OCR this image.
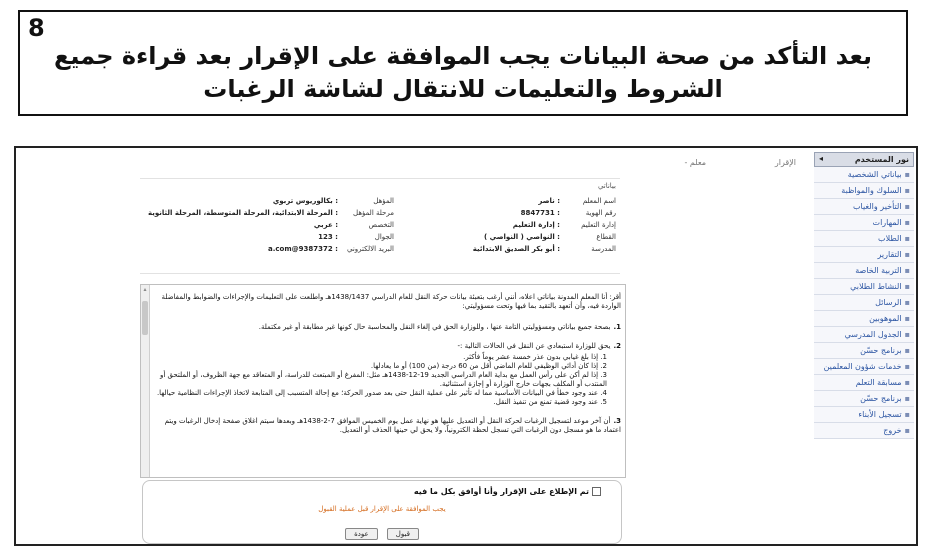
8
بعد التأكد من صحة البيانات يجب الموافقة على الإقرار بعد قراءة جميع
الشروط والتعليمات للانتقال لشاشة الرغبات
الإقرار
معلم -	نور المستخدم
◂
▪بياناتي الشخصية
▪السلوك والمواظبة
▪التأخير والغياب
▪المهارات
▪الطلاب
▪التقارير
▪التربية الخاصة
▪النشاط الطلابي
▪الرسائل
▪الموهوبين
▪الجدول المدرسي
▪برنامج حسّن
▪خدمات شؤون المعلمين
▪مسابقة التعلم
▪برنامج حسّن
▪تسجيل الأبناء
▪خروج
بياناتي
اسم المعلم: ناصر
رقم الهوية: 8847731
إدارة التعليم: إدارة التعليم
القطاع: النواصي ( النواصي )
المدرسة: أبو بكر الصديق الابتدائية
المؤهل: بكالوريوس تربوي
مرحلة المؤهل: المرحلة الابتدائية، المرحلة المتوسطة، المرحلة الثانوية
التخصص: عربي
الجوال: 123
البريد الالكتروني: a.com@9387372
▴

أقر: أنا المعلم المدونة بياناتي اعلاه، أنني أرغب بتعبئة بيانات حركة النقل للعام الدراسي 1438/1437هـ واطلعت على التعليمات والإجراءات والضوابط والمفاضلة الواردة فيه، وأن أتعهد بالتقيد بما فيها وتحت مسؤوليتي:

1.بصحة جميع بياناتي ومسؤوليتي التامة عنها ، وللوزارة الحق في إلغاء النقل والمحاسبة حال كونها غير مطابقة أو غير مكتملة.

2.يحق للوزارة استبعادي عن النقل في الحالات التالية :-

1. إذا بلغ غيابي بدون عذر خمسة عشر يوماً فأكثر.
2. إذا كان أدائي الوظيفي للعام الماضي أقل من 60 درجة (من 100) أو ما يعادلها.
3. إذا لم أكن على رأس العمل مع بداية العام الدراسي الجديد 19-12-1438هـ مثل: المفرغ أو المبتعث للدراسة، أو المتعاقد مع جهة الظروف، أو الملتحق أو المنتدب أو المكلف بجهات خارج الوزارة أو إجازة استثنائية.
4. عند وجود خطأ في البيانات الأساسية مما له تأثير على عملية النقل حتى بعد صدور الحركة؛ مع إحالة المتسبب إلى المتابعة لاتخاذ الإجراءات النظامية حيالها.
5. عند وجود قضية تمنع من تنفيذ النقل.

3.أن آخر موعد لتسجيل الرغبات لحركة النقل أو التعديل عليها هو نهاية عمل يوم الخميس الموافق 7-2-1438هـ وبعدها سيتم اغلاق صفحة إدخال الرغبات ويتم اعتماد ما هو مسجل دون الرغبات التي تسجل لحظة الكترونياً، ولا يحق لي حينها الحذف أو التعديل.

تم الإطلاع على الإقرار وأنا أوافق بكل ما فيه
يجب الموافقة على الإقرار قبل عملية القبول
قبول عودة
